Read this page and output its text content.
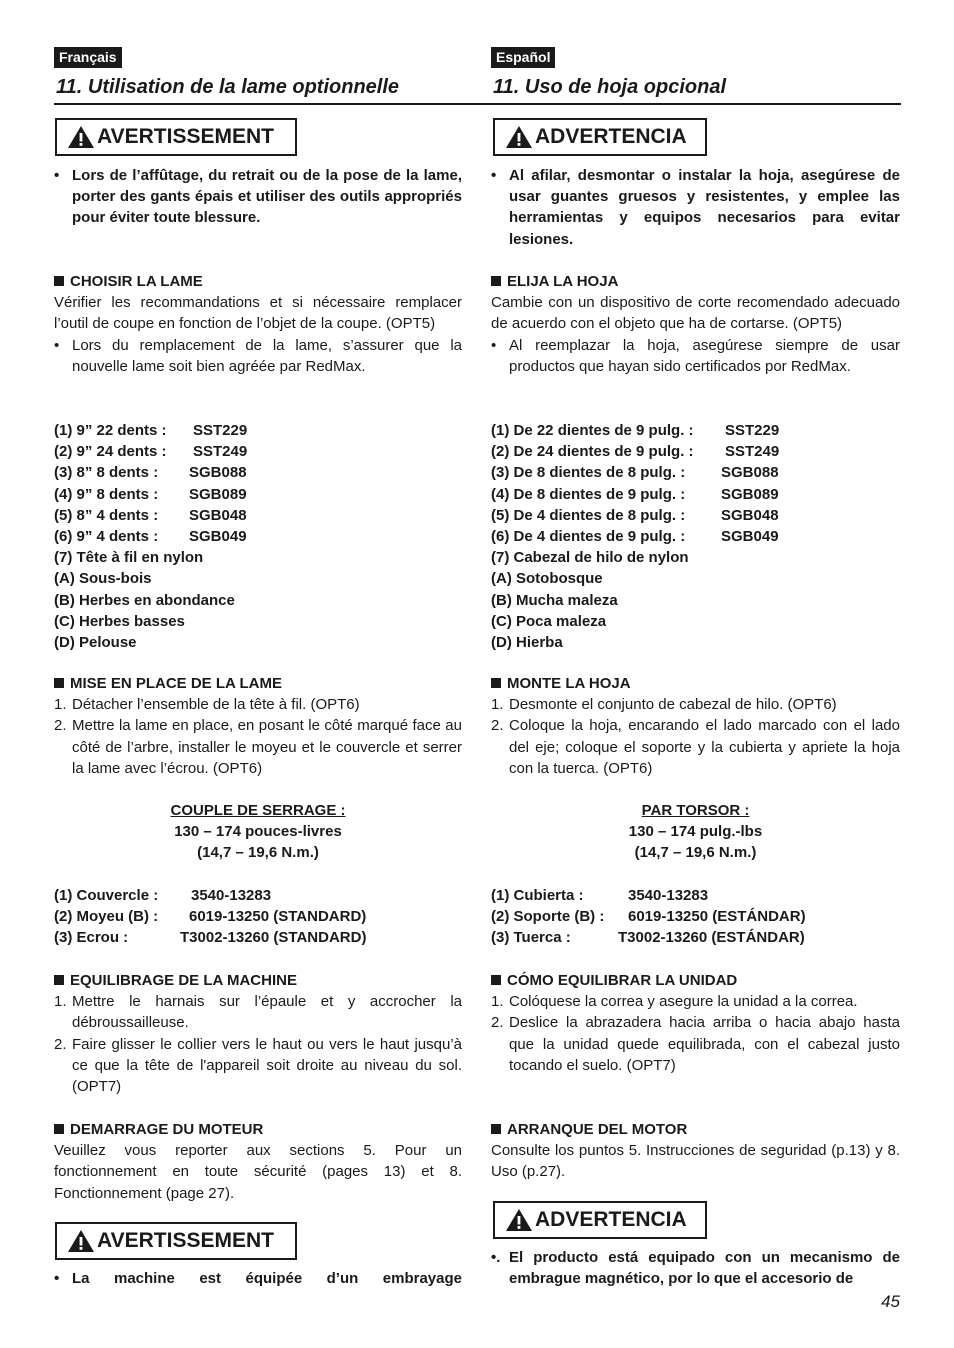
Français
11. Utilisation de la lame optionnelle
AVERTISSEMENT
• Lors de l’affûtage, du retrait ou de la pose de la lame, porter des gants épais et utiliser des outils appropriés pour éviter toute blessure.
CHOISIR LA LAME
Vérifier les recommandations et si nécessaire remplacer l’outil de coupe en fonction de l’objet de la coupe. (OPT5)
• Lors du remplacement de la lame, s’assurer que la nouvelle lame soit bien agréée par RedMax.
(1) 9” 22 dents :	SST229
(2) 9” 24 dents :	SST249
(3) 8” 8 dents :	SGB088
(4) 9” 8 dents :	SGB089
(5) 8” 4 dents :	SGB048
(6) 9” 4 dents :	SGB049
(7) Tête à fil en nylon
(A) Sous-bois
(B) Herbes en abondance
(C) Herbes basses
(D) Pelouse
MISE EN PLACE DE LA LAME
1. Détacher l’ensemble de la tête à fil. (OPT6)
2. Mettre la lame en place, en posant le côté marqué face au côté de l’arbre, installer le moyeu et le couvercle et serrer la lame avec l’écrou. (OPT6)
COUPLE DE SERRAGE :
130 – 174 pouces-livres
(14,7 – 19,6 N.m.)
(1) Couvercle :	3540-13283
(2) Moyeu (B) :	6019-13250 (STANDARD)
(3) Ecrou :	T3002-13260 (STANDARD)
EQUILIBRAGE DE LA MACHINE
1. Mettre le harnais sur l’épaule et y accrocher la débroussailleuse.
2. Faire glisser le collier vers le haut ou vers le haut jusqu’à ce que la tête de l'appareil soit droite au niveau du sol. (OPT7)
DEMARRAGE DU MOTEUR
Veuillez vous reporter aux sections 5. Pour un fonctionnement en toute sécurité (pages 13) et 8. Fonctionnement (page 27).
AVERTISSEMENT
• La machine est équipée d’un embrayage
Español
11. Uso de hoja opcional
ADVERTENCIA
• Al afilar, desmontar o instalar la hoja, asegúrese de usar guantes gruesos y resistentes, y emplee las herramientas y equipos necesarios para evitar lesiones.
ELIJA LA HOJA
Cambie con un dispositivo de corte recomendado adecuado de acuerdo con el objeto que ha de cortarse. (OPT5)
• Al reemplazar la hoja, asegúrese siempre de usar productos que hayan sido certificados por RedMax.
(1) De 22 dientes de 9 pulg. :	SST229
(2) De 24 dientes de 9 pulg. :	SST249
(3) De 8 dientes de 8 pulg. :	SGB088
(4) De 8 dientes de 9 pulg. :	SGB089
(5) De 4 dientes de 8 pulg. :	SGB048
(6) De 4 dientes de 9 pulg. :	SGB049
(7) Cabezal de hilo de nylon
(A) Sotobosque
(B) Mucha maleza
(C) Poca maleza
(D) Hierba
MONTE LA HOJA
1. Desmonte el conjunto de cabezal de hilo. (OPT6)
2. Coloque la hoja, encarando el lado marcado con el lado del eje; coloque el soporte y la cubierta y apriete la hoja con la tuerca. (OPT6)
PAR TORSOR :
130 – 174 pulg.-lbs
(14,7 – 19,6 N.m.)
(1) Cubierta :	3540-13283
(2) Soporte (B) :	6019-13250 (ESTÁNDAR)
(3) Tuerca :	T3002-13260 (ESTÁNDAR)
CÓMO EQUILIBRAR LA UNIDAD
1. Colóquese la correa y asegure la unidad a la correa.
2. Deslice la abrazadera hacia arriba o hacia abajo hasta que la unidad quede equilibrada, con el cabezal justo tocando el suelo. (OPT7)
ARRANQUE DEL MOTOR
Consulte los puntos 5. Instrucciones de seguridad (p.13) y 8. Uso (p.27).
ADVERTENCIA
•. El producto está equipado con un mecanismo de embrague magnético, por lo que el accesorio de
45
